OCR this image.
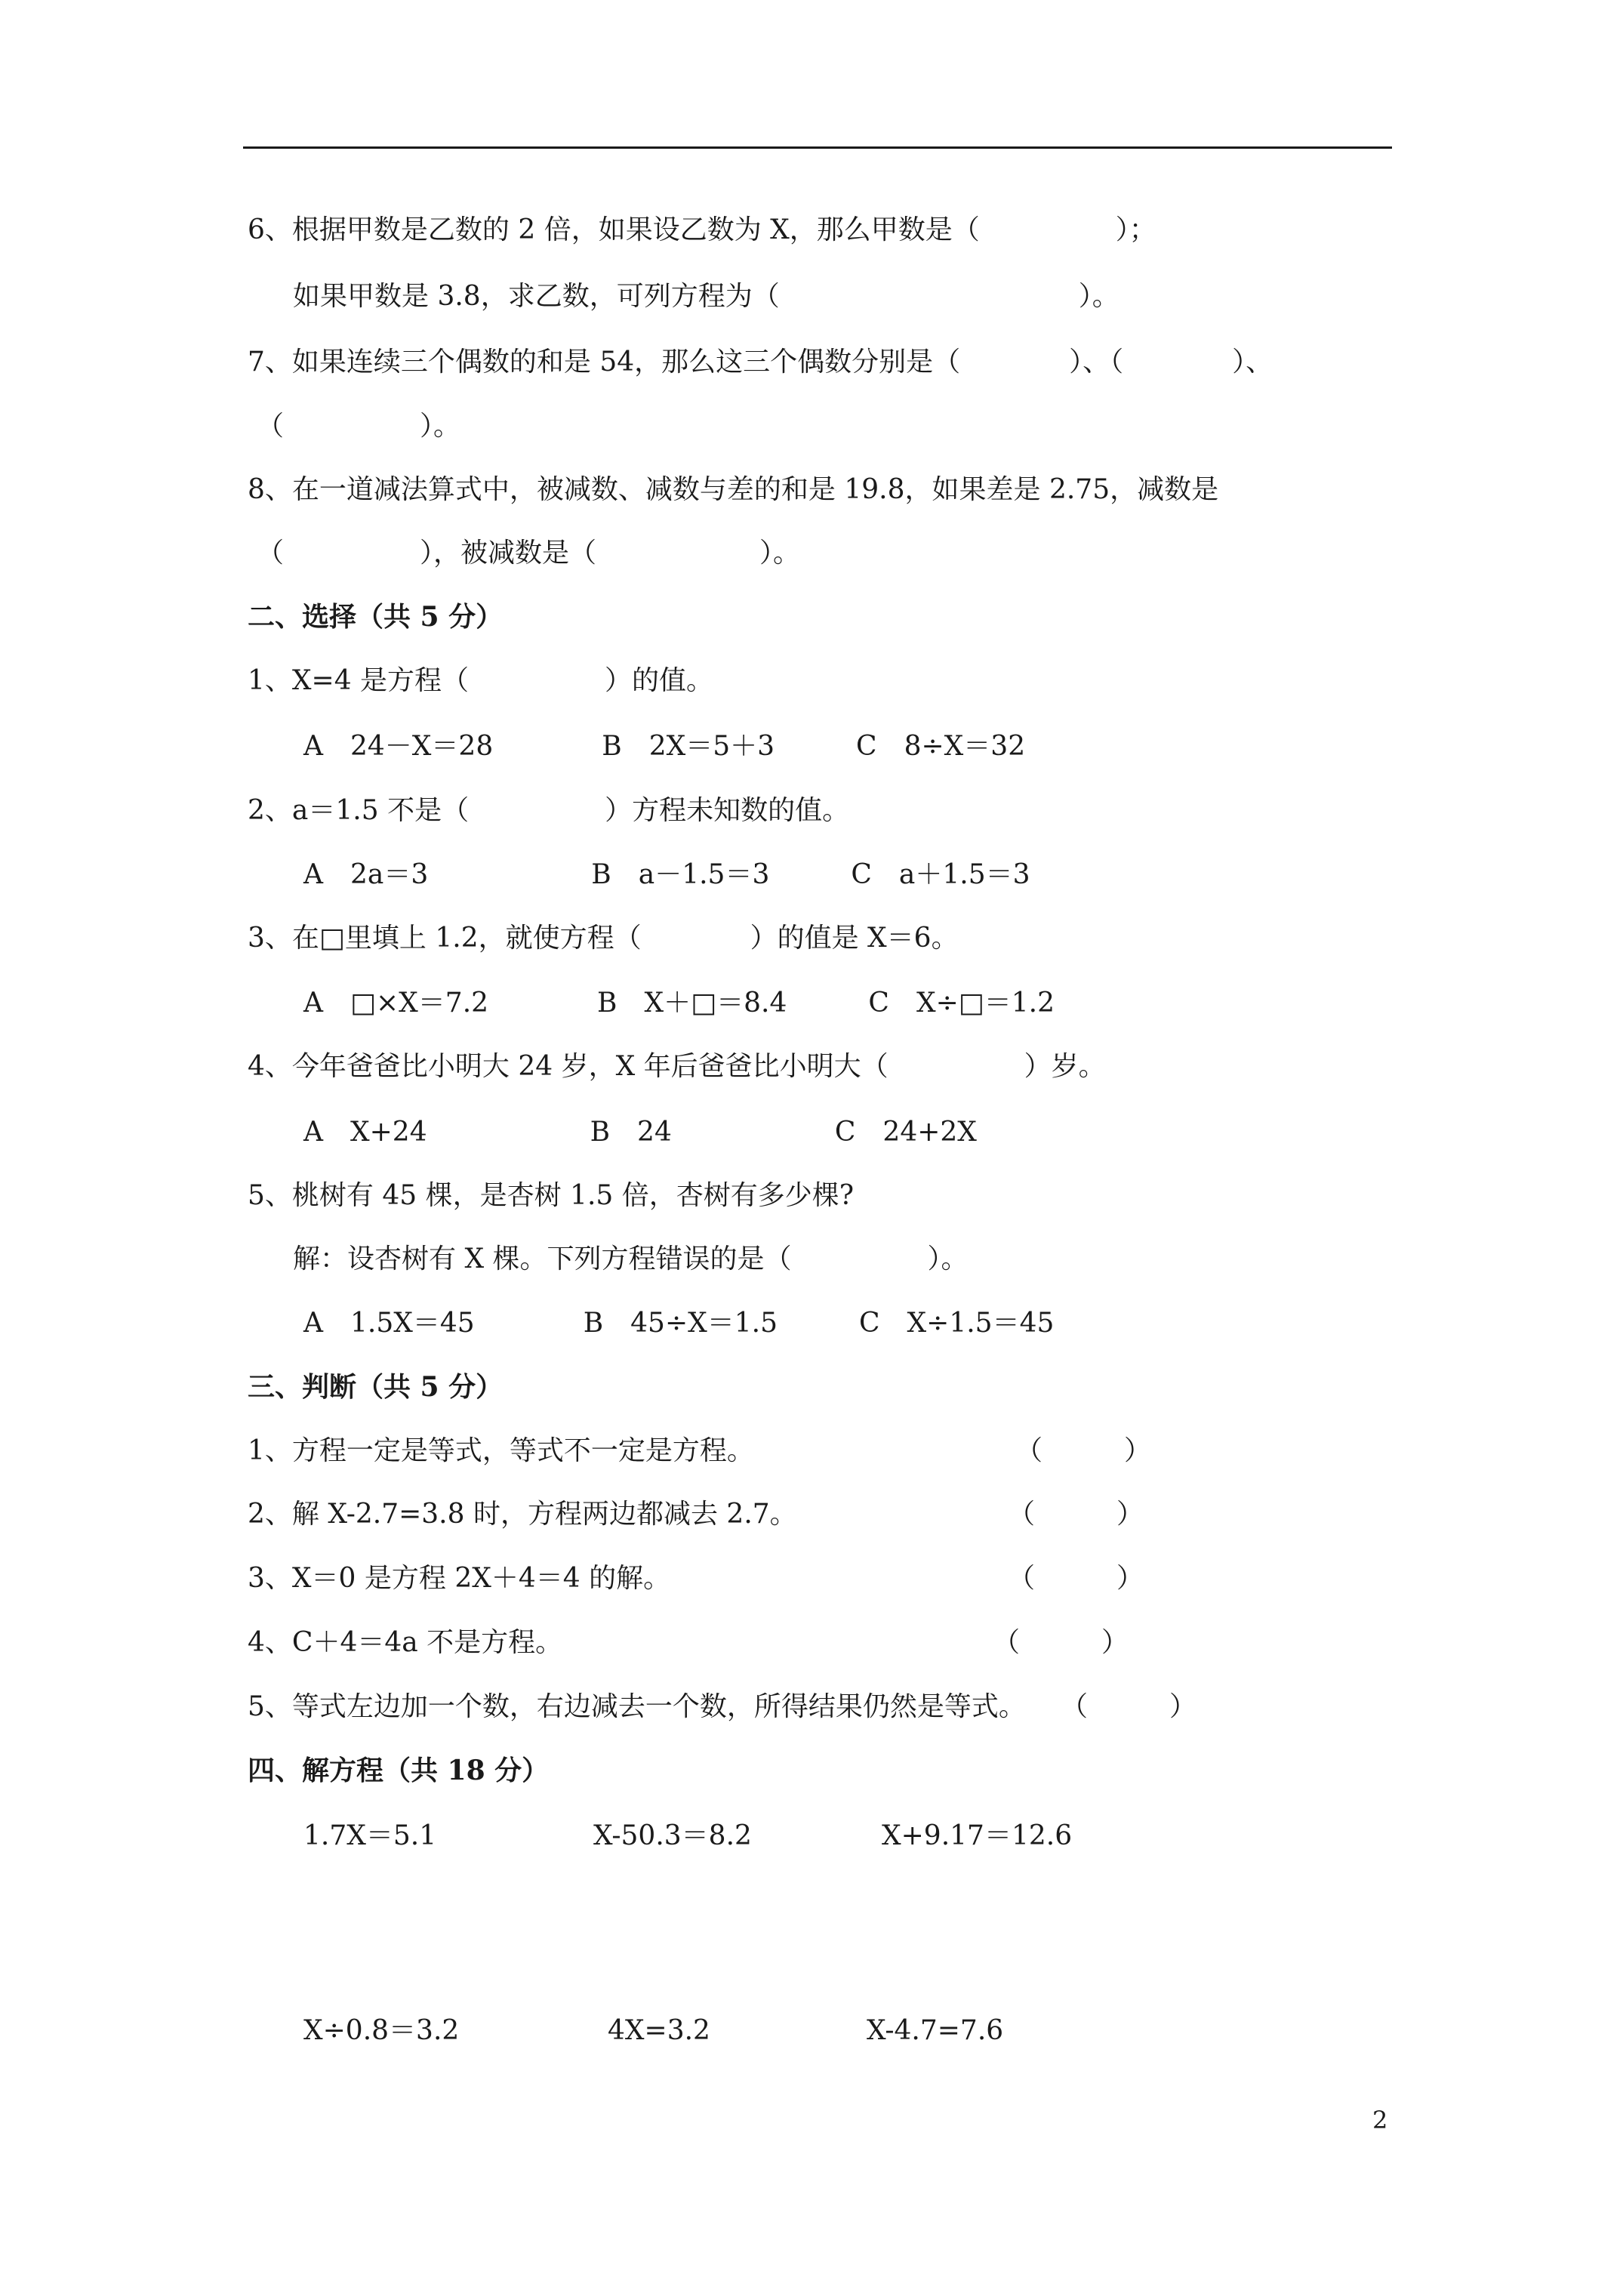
6、根据甲数是乙数的 2 倍，如果设乙数为 X，那么甲数是（　　　　　）；
如果甲数是 3.8，求乙数，可列方程为（　　　　　　　　　　　）。
7、如果连续三个偶数的和是 54，那么这三个偶数分别是（　　　　）、（　　　　）、
（　　　　　）。
8、在一道减法算式中，被减数、减数与差的和是 19.8，如果差是 2.75，减数是
（　　　　　），被减数是（　　　　　　）。
二、选择（共 5 分）
1、X=4 是方程（　　　　　）的值。
A　24－X＝28　　　　B　2X＝5＋3　　　C　8÷X＝32
2、a＝1.5 不是（　　　　　）方程未知数的值。
A　2a＝3　　　　　　B　a－1.5＝3　　　C　a＋1.5＝3
3、在□里填上 1.2，就使方程（　　　　）的值是 X＝6。
A　□×X＝7.2　　　　B　X＋□＝8.4　　　C　X÷□＝1.2
4、今年爸爸比小明大 24 岁，X 年后爸爸比小明大（　　　　　）岁。
A　X+24　　　　　　B　24　　　　　　C　24+2X
5、桃树有 45 棵，是杏树 1.5 倍，杏树有多少棵?
解：设杏树有 X 棵。下列方程错误的是（　　　　　）。
A　1.5X＝45　　　　B　45÷X＝1.5　　　C　X÷1.5＝45
三、判断（共 5 分）
1、方程一定是等式，等式不一定是方程。	（　　　）
2、解 X-2.7=3.8 时，方程两边都减去 2.7。	（　　　）
3、X＝0 是方程 2X＋4＝4 的解。	（　　　）
4、C＋4＝4a 不是方程。	（　　　）
5、等式左边加一个数，右边减去一个数，所得结果仍然是等式。 （　　　）
四、解方程（共 18 分）
1.7X＝5.1	X-50.3＝8.2	X+9.17＝12.6
X÷0.8＝3.2	4X=3.2	X-4.7=7.6
2
